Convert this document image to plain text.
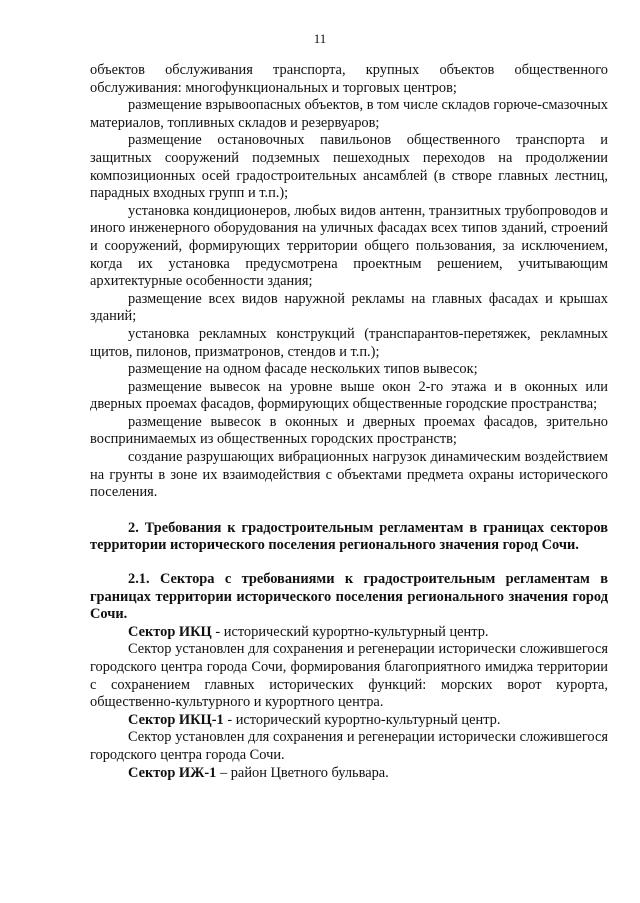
11

объектов обслуживания транспорта, крупных объектов общественного обслуживания: многофункциональных и торговых центров;

размещение взрывоопасных объектов, в том числе складов горюче-смазочных материалов, топливных складов и резервуаров;

размещение остановочных павильонов общественного транспорта и защитных сооружений подземных пешеходных переходов на продолжении композиционных осей градостроительных ансамблей (в створе главных лестниц, парадных входных групп и т.п.);

установка кондиционеров, любых видов антенн, транзитных трубопроводов и иного инженерного оборудования на уличных фасадах всех типов зданий, строений и сооружений, формирующих территории общего пользования, за исключением, когда их установка предусмотрена проектным решением, учитывающим архитектурные особенности здания;

размещение всех видов наружной рекламы на главных фасадах и крышах зданий;

установка рекламных конструкций (транспарантов-перетяжек, рекламных щитов, пилонов, призматронов, стендов и т.п.);

размещение на одном фасаде нескольких типов вывесок;

размещение вывесок на уровне выше окон 2-го этажа и в оконных или дверных проемах фасадов, формирующих общественные городские пространства;

размещение вывесок в оконных и дверных проемах фасадов, зрительно воспринимаемых из общественных городских пространств;

создание разрушающих вибрационных нагрузок динамическим воздействием на грунты в зоне их взаимодействия с объектами предмета охраны исторического поселения.

2. Требования к градостроительным регламентам в границах секторов территории исторического поселения регионального значения город Сочи.

2.1. Сектора с требованиями к градостроительным регламентам в границах территории исторического поселения регионального значения город Сочи.

Сектор ИКЦ - исторический курортно-культурный центр.

Сектор установлен для сохранения и регенерации исторически сложившегося городского центра города Сочи, формирования благоприятного имиджа территории с сохранением главных исторических функций: морских ворот курорта, общественно-культурного и курортного центра.

Сектор ИКЦ-1 - исторический курортно-культурный центр.

Сектор установлен для сохранения и регенерации исторически сложившегося городского центра города Сочи.

Сектор ИЖ-1 – район Цветного бульвара.
